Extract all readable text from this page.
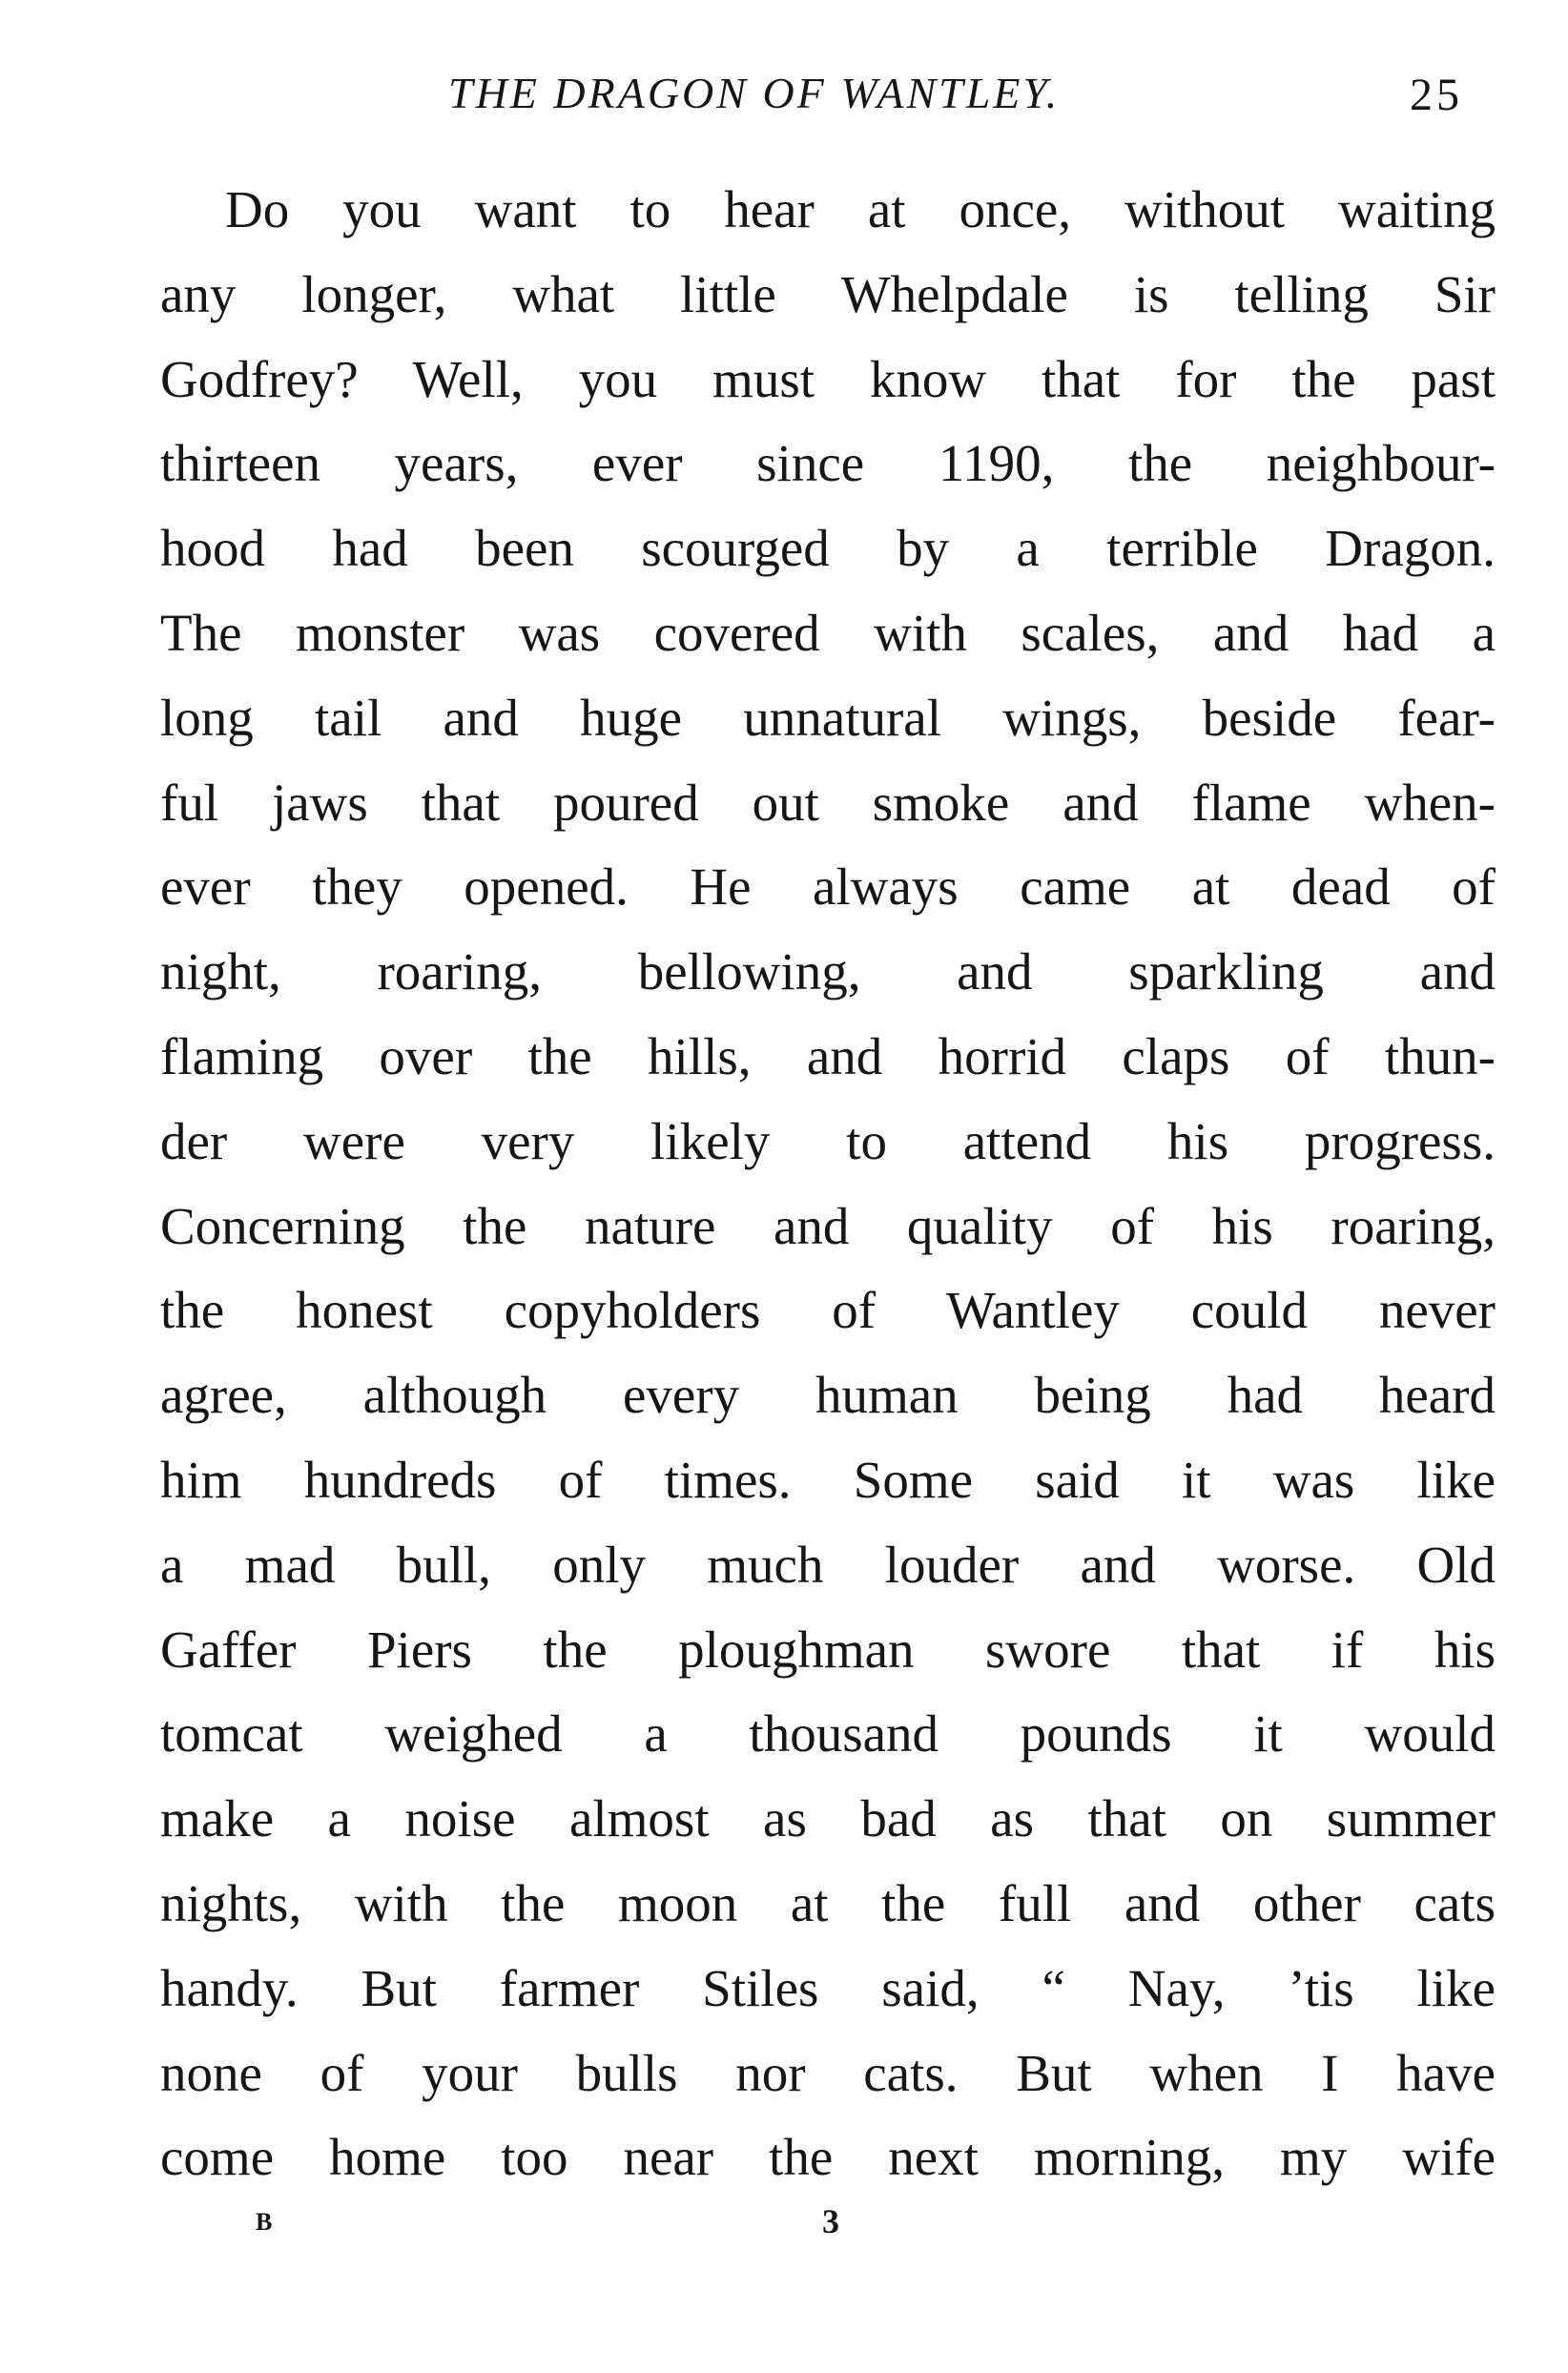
THE DRAGON OF WANTLEY.	25
Do you want to hear at once, without waiting
any longer, what little Whelpdale is telling Sir
Godfrey? Well, you must know that for the past
thirteen years, ever since 1190, the neighbour-
hood had been scourged by a terrible Dragon.
The monster was covered with scales, and had a
long tail and huge unnatural wings, beside fear-
ful jaws that poured out smoke and flame when-
ever they opened. He always came at dead of
night, roaring, bellowing, and sparkling and
flaming over the hills, and horrid claps of thun-
der were very likely to attend his progress.
Concerning the nature and quality of his roaring,
the honest copyholders of Wantley could never
agree, although every human being had heard
him hundreds of times. Some said it was like
a mad bull, only much louder and worse. Old
Gaffer Piers the ploughman swore that if his
tomcat weighed a thousand pounds it would
make a noise almost as bad as that on summer
nights, with the moon at the full and other cats
handy. But farmer Stiles said, “ Nay, ’tis like
none of your bulls nor cats. But when I have
come home too near the next morning, my wife
B	3
